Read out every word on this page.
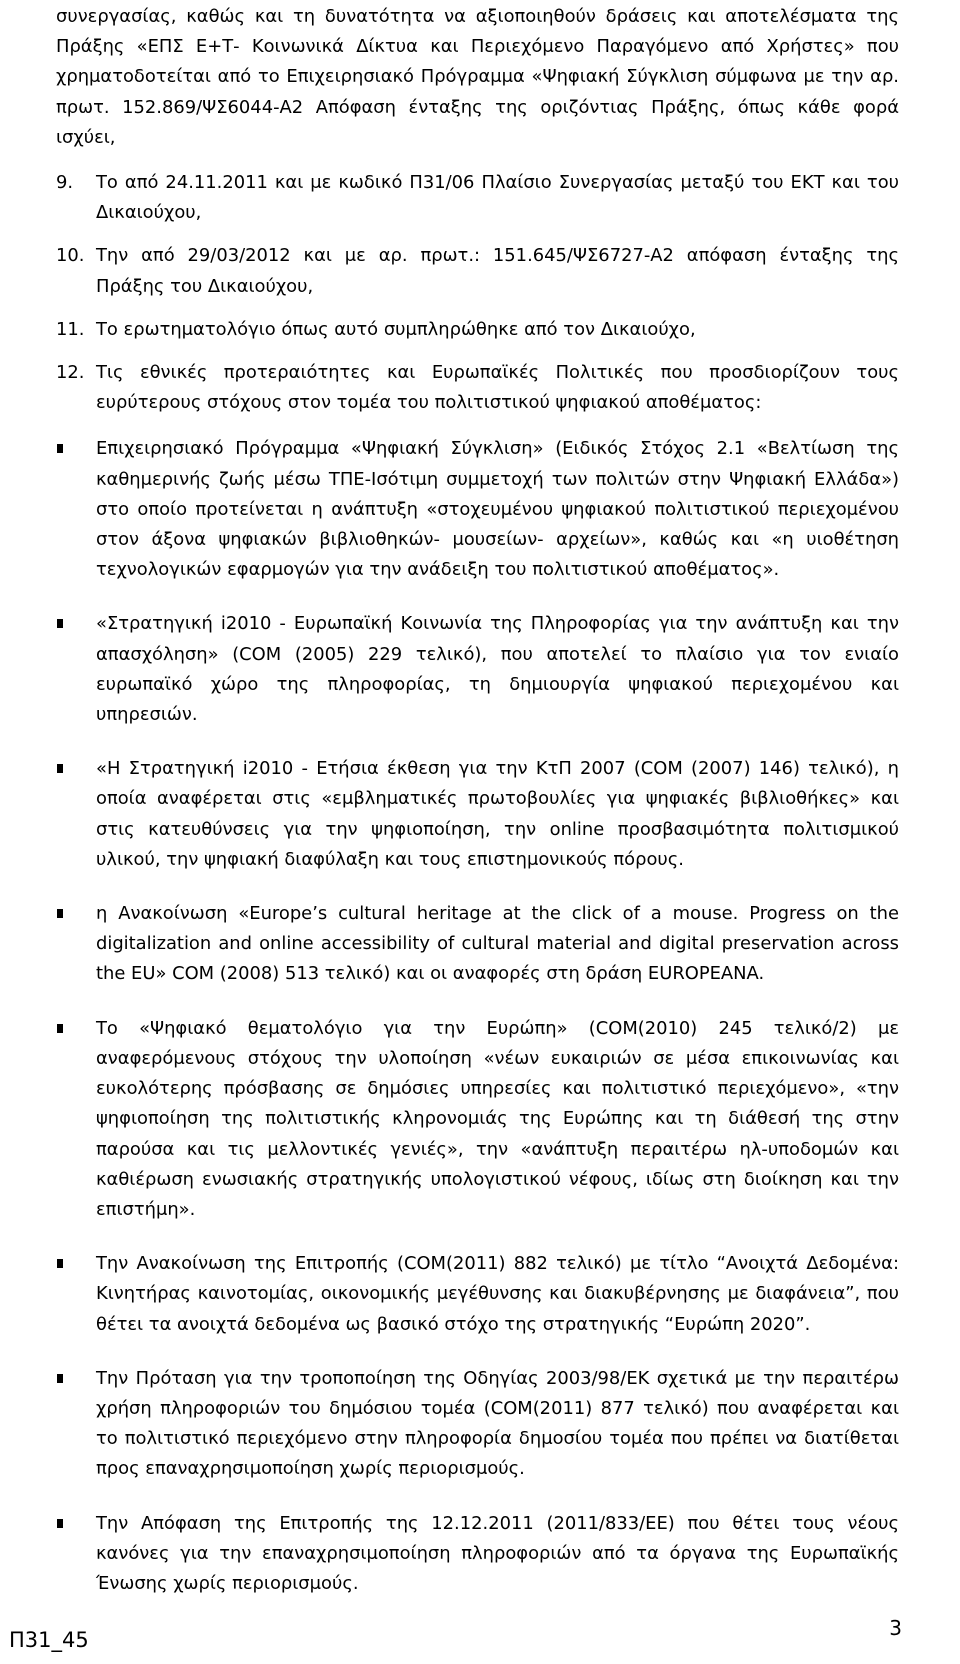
συνεργασίας, καθώς και τη δυνατότητα να αξιοποιηθούν δράσεις και αποτελέσματα της Πράξης «ΕΠΣ Ε+Τ- Κοινωνικά Δίκτυα και Περιεχόμενο Παραγόμενο από Χρήστες» που χρηματοδοτείται από το Επιχειρησιακό Πρόγραμμα «Ψηφιακή Σύγκλιση σύμφωνα με την αρ. πρωτ. 152.869/ΨΣ6044-Α2 Απόφαση ένταξης της οριζόντιας Πράξης, όπως κάθε φορά ισχύει,

9. Το από 24.11.2011 και με κωδικό Π31/06 Πλαίσιο Συνεργασίας μεταξύ του ΕΚΤ και του Δικαιούχου,

10. Την από 29/03/2012 και με αρ. πρωτ.: 151.645/ΨΣ6727-Α2 απόφαση ένταξης της Πράξης του Δικαιούχου,

11. Το ερωτηματολόγιο όπως αυτό συμπληρώθηκε από τον Δικαιούχο,

12. Τις εθνικές προτεραιότητες και Ευρωπαϊκές Πολιτικές που προσδιορίζουν τους ευρύτερους στόχους στον τομέα του πολιτιστικού ψηφιακού αποθέματος:

Επιχειρησιακό Πρόγραμμα «Ψηφιακή Σύγκλιση» (Ειδικός Στόχος 2.1 «Βελτίωση της καθημερινής ζωής μέσω ΤΠΕ-Ισότιμη συμμετοχή των πολιτών στην Ψηφιακή Ελλάδα») στο οποίο προτείνεται η ανάπτυξη «στοχευμένου ψηφιακού πολιτιστικού περιεχομένου στον άξονα ψηφιακών βιβλιοθηκών- μουσείων- αρχείων», καθώς και «η υιοθέτηση τεχνολογικών εφαρμογών για την ανάδειξη του πολιτιστικού αποθέματος».
«Στρατηγική i2010 - Ευρωπαϊκή Κοινωνία της Πληροφορίας για την ανάπτυξη και την απασχόληση» (COM (2005) 229 τελικό), που αποτελεί το πλαίσιο για τον ενιαίο ευρωπαϊκό χώρο της πληροφορίας, τη δημιουργία ψηφιακού περιεχομένου και υπηρεσιών.
«Η Στρατηγική i2010 - Ετήσια έκθεση για την ΚτΠ 2007 (COM (2007) 146) τελικό), η οποία αναφέρεται στις «εμβληματικές πρωτοβουλίες για ψηφιακές βιβλιοθήκες» και στις κατευθύνσεις για την ψηφιοποίηση, την online προσβασιμότητα πολιτισμικού υλικού, την ψηφιακή διαφύλαξη και τους επιστημονικούς πόρους.
η Ανακοίνωση «Europe’s cultural heritage at the click of a mouse. Progress on the digitalization and online accessibility of cultural material and digital preservation across the EU» COM (2008) 513 τελικό) και οι αναφορές στη δράση EUROPEANA.
Το «Ψηφιακό θεματολόγιο για την Ευρώπη» (COM(2010) 245 τελικό/2) με αναφερόμενους στόχους την υλοποίηση «νέων ευκαιριών σε μέσα επικοινωνίας και ευκολότερης πρόσβασης σε δημόσιες υπηρεσίες και πολιτιστικό περιεχόμενο», «την ψηφιοποίηση της πολιτιστικής κληρονομιάς της Ευρώπης και τη διάθεσή της στην παρούσα και τις μελλοντικές γενιές», την «ανάπτυξη περαιτέρω ηλ-υποδομών και καθιέρωση ενωσιακής στρατηγικής υπολογιστικού νέφους, ιδίως στη διοίκηση και την επιστήμη».
Την Ανακοίνωση της Επιτροπής (COM(2011) 882 τελικό) με τίτλο “Ανοιχτά Δεδομένα: Κινητήρας καινοτομίας, οικονομικής μεγέθυνσης και διακυβέρνησης με διαφάνεια”, που θέτει τα ανοιχτά δεδομένα ως βασικό στόχο της στρατηγικής “Ευρώπη 2020”.
Την Πρόταση για την τροποποίηση της Οδηγίας 2003/98/ΕΚ σχετικά με την περαιτέρω χρήση πληροφοριών του δημόσιου τομέα (COM(2011) 877 τελικό) που αναφέρεται και το πολιτιστικό περιεχόμενο στην πληροφορία δημοσίου τομέα που πρέπει να διατίθεται προς επαναχρησιμοποίηση χωρίς περιορισμούς.
Την Απόφαση της Επιτροπής της 12.12.2011 (2011/833/ΕΕ) που θέτει τους νέους κανόνες για την επαναχρησιμοποίηση πληροφοριών από τα όργανα της Ευρωπαϊκής Ένωσης χωρίς περιορισμούς.
Π31_45	3
